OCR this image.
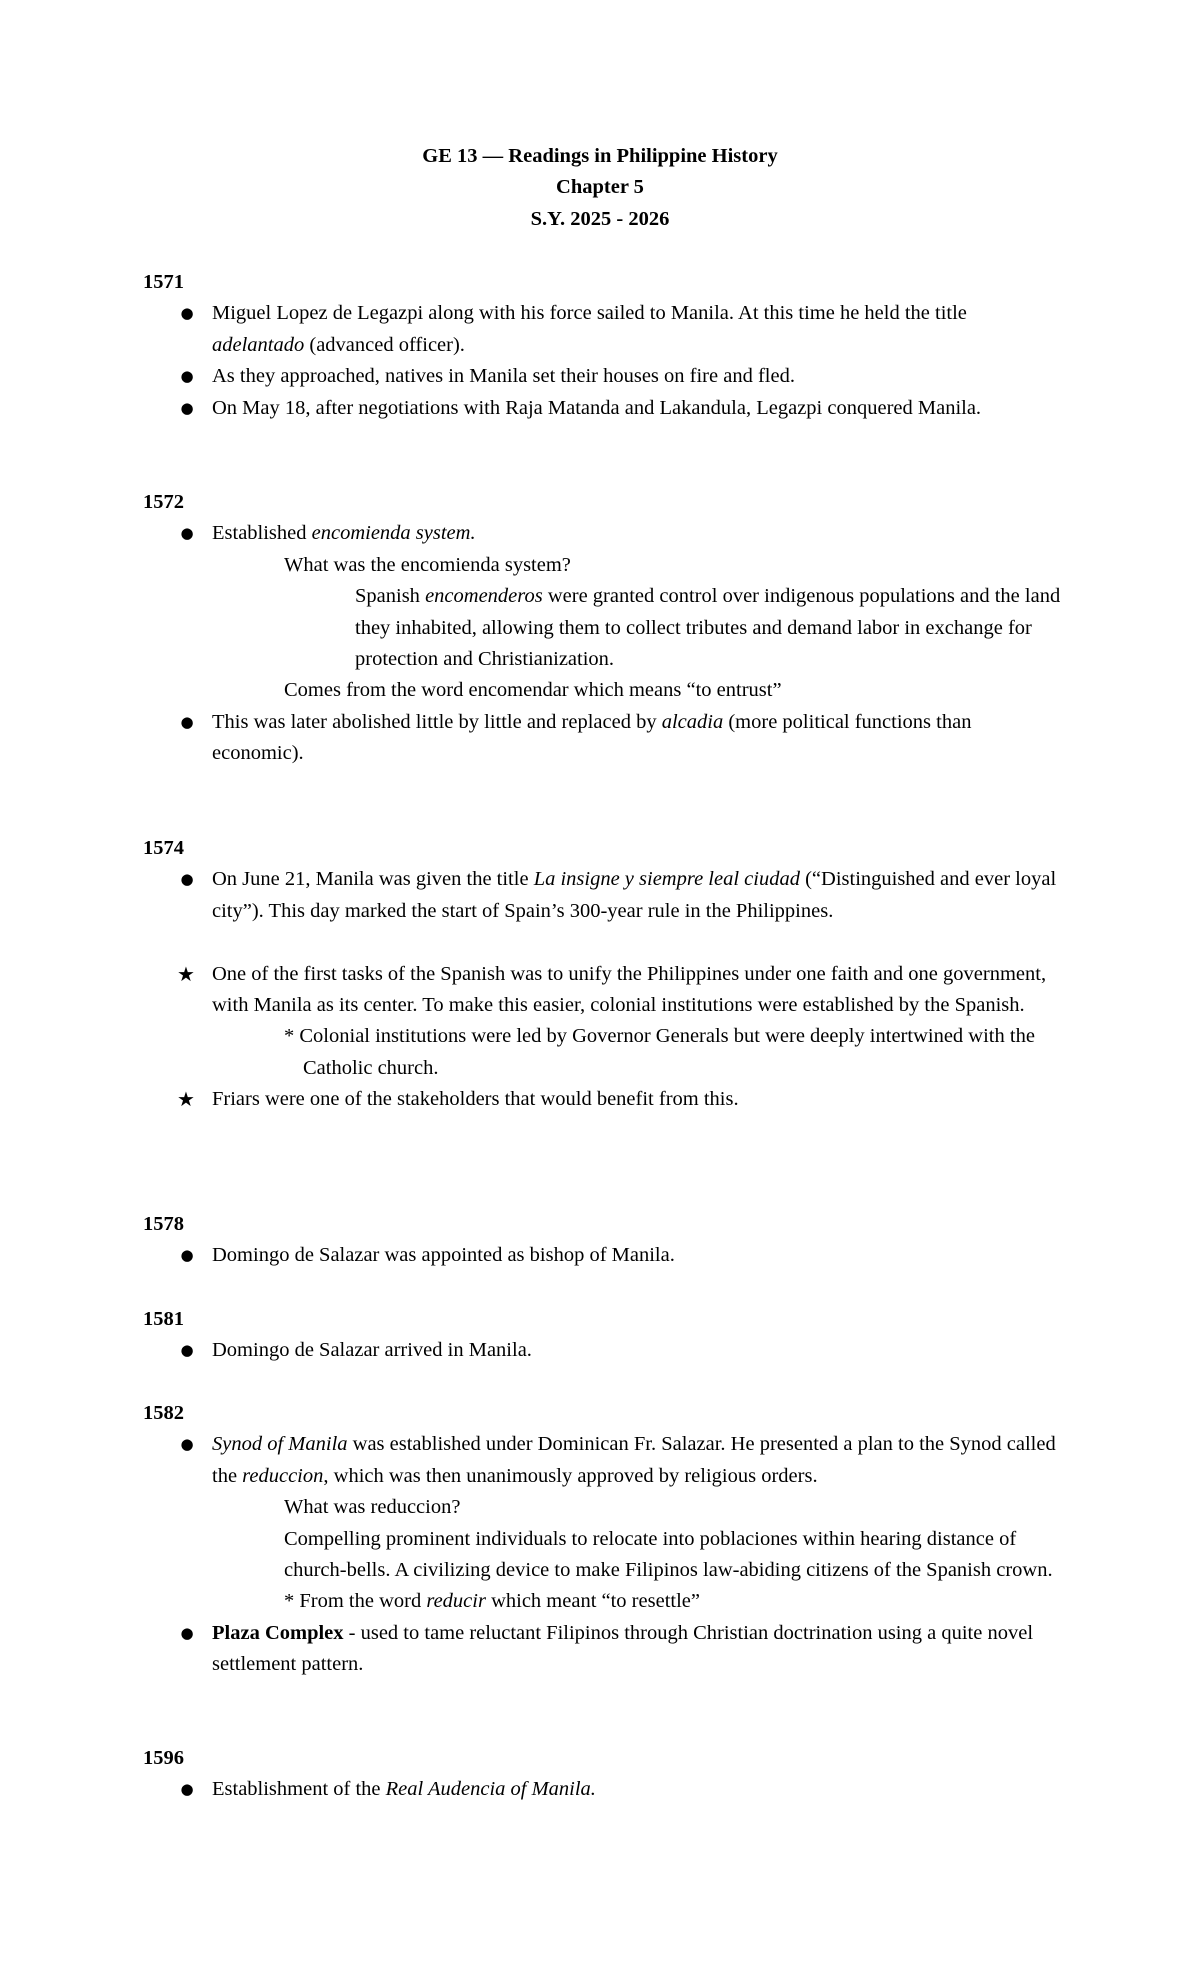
GE 13 — Readings in Philippine History
Chapter 5
S.Y. 2025 - 2026
1571
● Miguel Lopez de Legazpi along with his force sailed to Manila. At this time he held the title adelantado (advanced officer).
● As they approached, natives in Manila set their houses on fire and fled.
● On May 18, after negotiations with Raja Matanda and Lakandula, Legazpi conquered Manila.
1572
● Established encomienda system.
What was the encomienda system?
Spanish encomenderos were granted control over indigenous populations and the land they inhabited, allowing them to collect tributes and demand labor in exchange for protection and Christianization.
Comes from the word encomendar which means “to entrust”
● This was later abolished little by little and replaced by alcadia (more political functions than economic).
1574
● On June 21, Manila was given the title La insigne y siempre leal ciudad (“Distinguished and ever loyal city”). This day marked the start of Spain’s 300-year rule in the Philippines.
★ One of the first tasks of the Spanish was to unify the Philippines under one faith and one government, with Manila as its center. To make this easier, colonial institutions were established by the Spanish.
* Colonial institutions were led by Governor Generals but were deeply intertwined with the Catholic church.
★ Friars were one of the stakeholders that would benefit from this.
1578
● Domingo de Salazar was appointed as bishop of Manila.
1581
● Domingo de Salazar arrived in Manila.
1582
● Synod of Manila was established under Dominican Fr. Salazar. He presented a plan to the Synod called the reduccion, which was then unanimously approved by religious orders.
What was reduccion?
Compelling prominent individuals to relocate into poblaciones within hearing distance of church-bells. A civilizing device to make Filipinos law-abiding citizens of the Spanish crown.
* From the word reducir which meant “to resettle”
● Plaza Complex - used to tame reluctant Filipinos through Christian doctrination using a quite novel settlement pattern.
1596
● Establishment of the Real Audencia of Manila.
